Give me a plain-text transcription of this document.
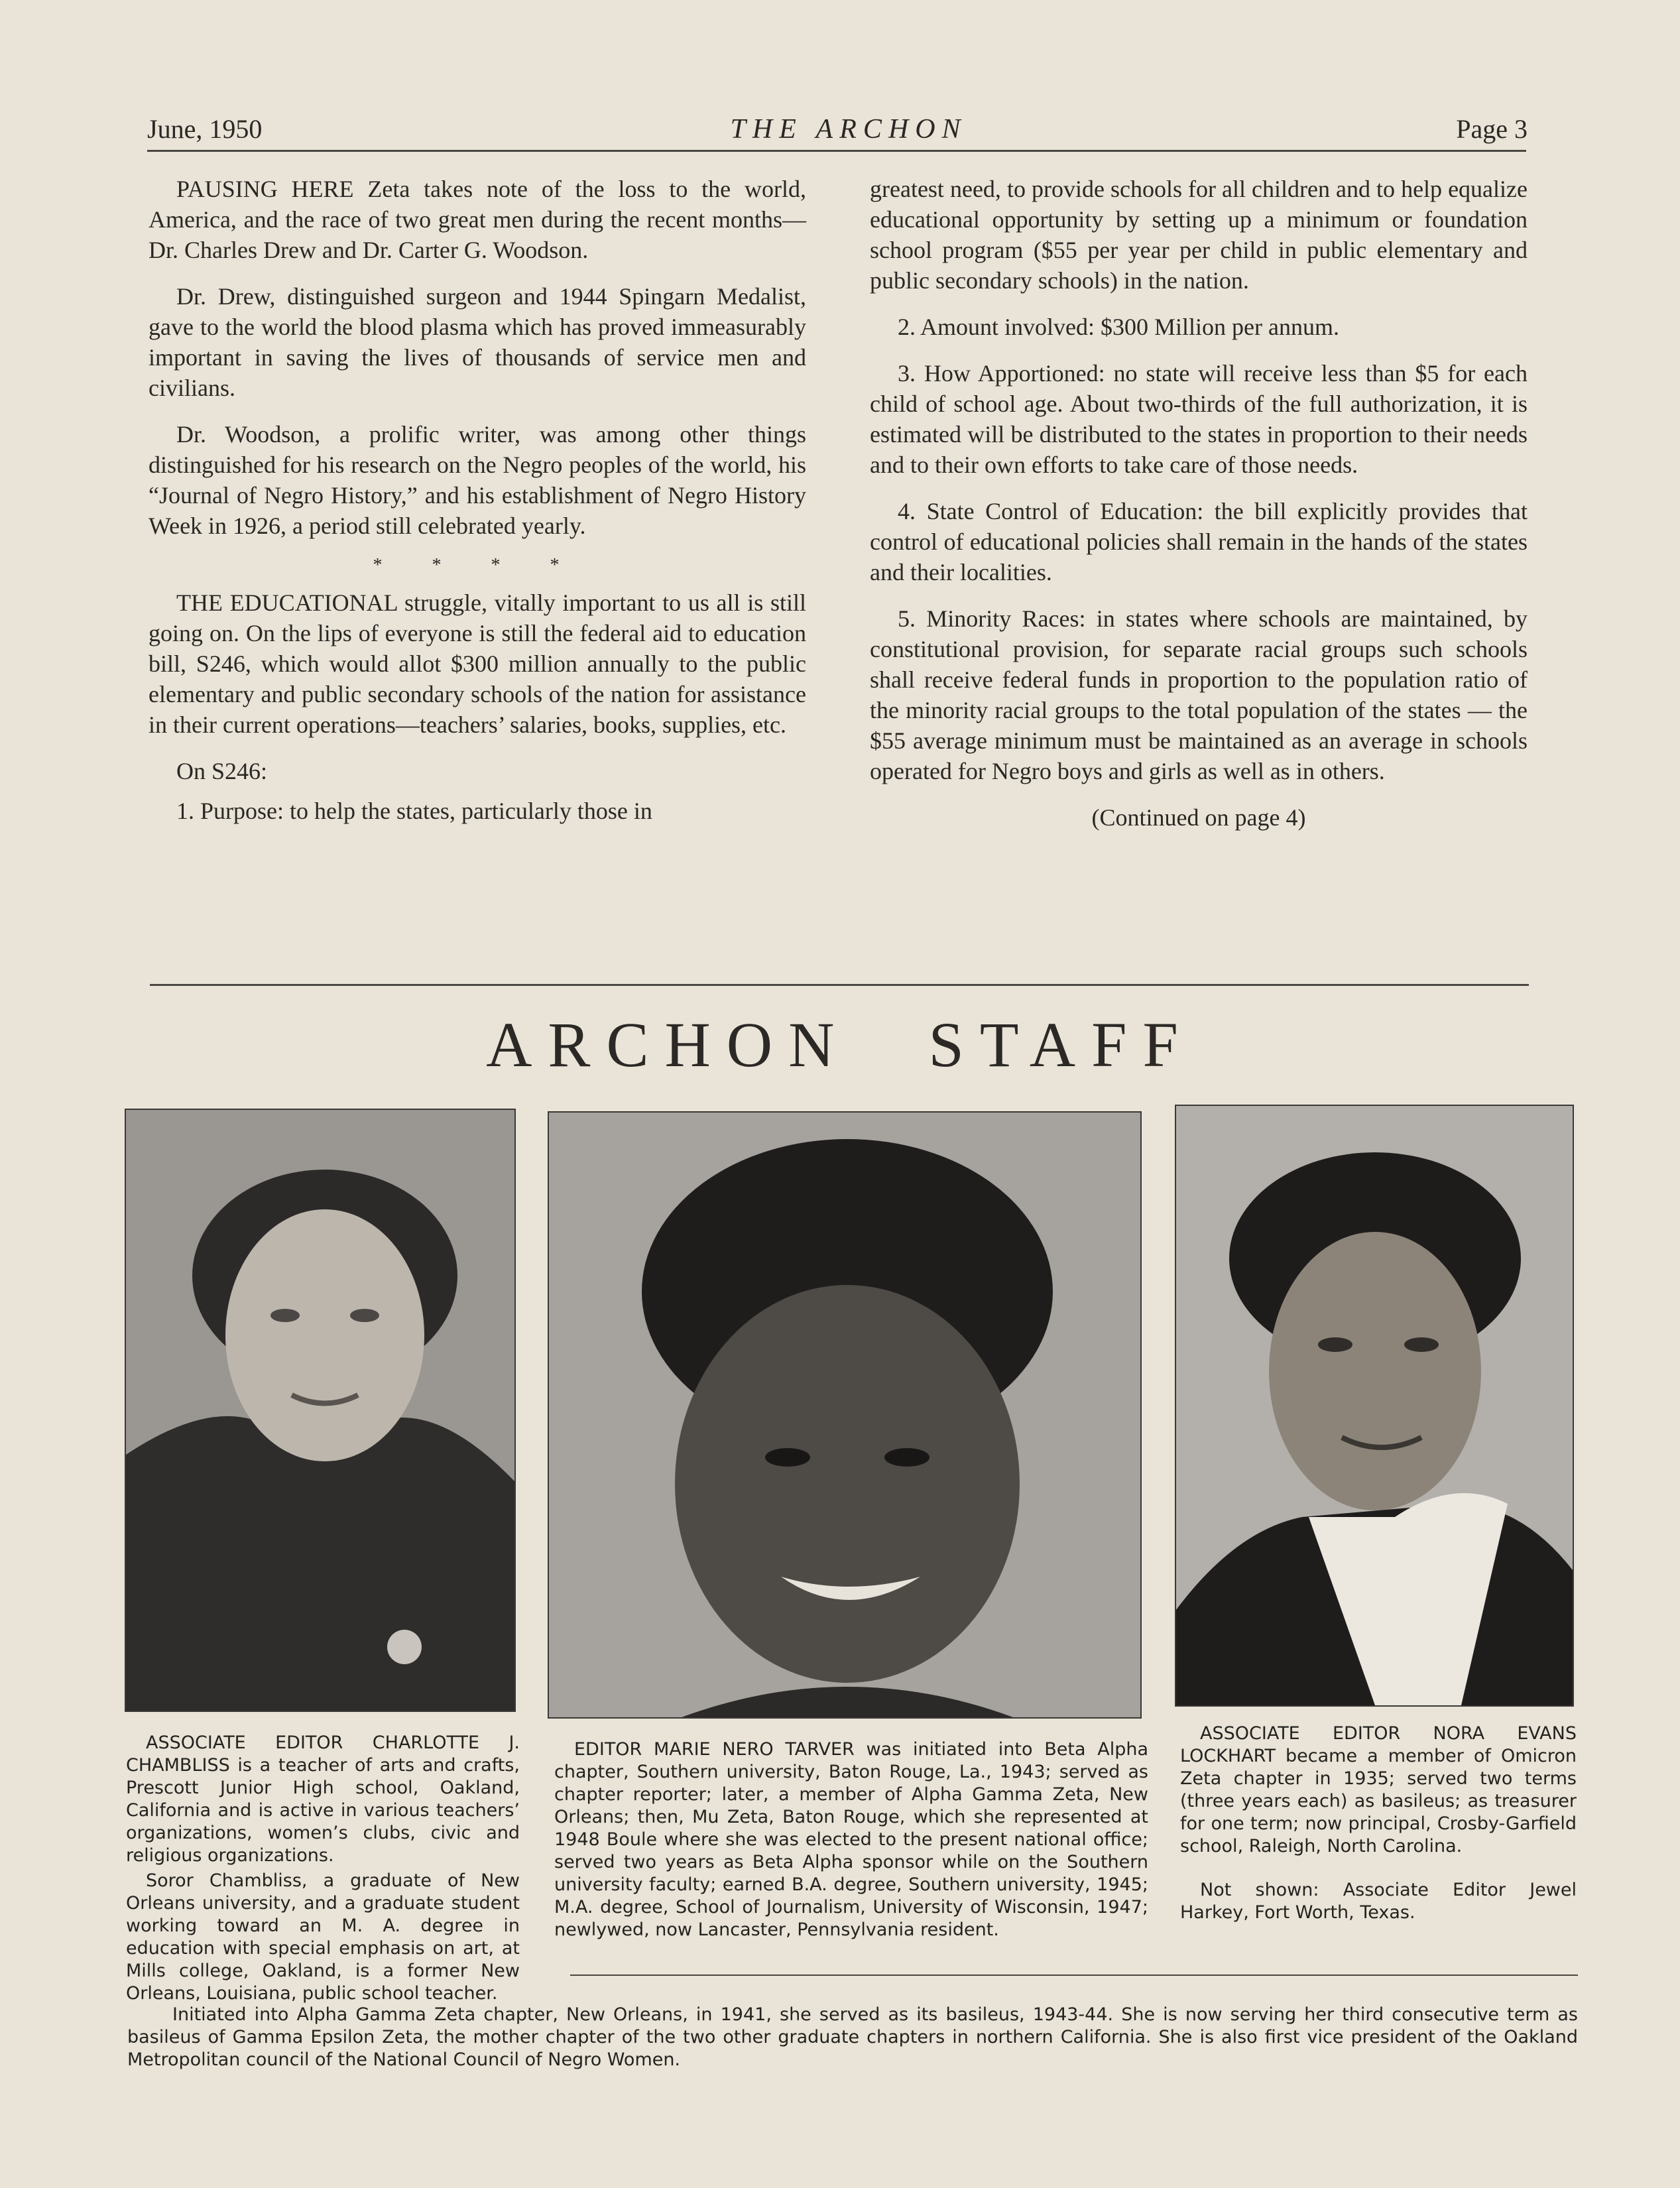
June, 1950	THE ARCHON	Page 3

PAUSING HERE Zeta takes note of the loss to the world, America, and the race of two great men during the recent months—Dr. Charles Drew and Dr. Carter G. Woodson.

Dr. Drew, distinguished surgeon and 1944 Spingarn Medalist, gave to the world the blood plasma which has proved immeasurably important in saving the lives of thousands of service men and civilians.

Dr. Woodson, a prolific writer, was among other things distinguished for his research on the Negro peoples of the world, his “Journal of Negro History,” and his establishment of Negro History Week in 1926, a period still celebrated yearly.

* * * *

THE EDUCATIONAL struggle, vitally important to us all is still going on. On the lips of everyone is still the federal aid to education bill, S246, which would allot $300 million annually to the public elementary and public secondary schools of the nation for assistance in their current operations—teachers’ salaries, books, supplies, etc.

On S246:

1. Purpose: to help the states, particularly those in

greatest need, to provide schools for all children and to help equalize educational opportunity by setting up a minimum or foundation school program ($55 per year per child in public elementary and public secondary schools) in the nation.

2. Amount involved: $300 Million per annum.

3. How Apportioned: no state will receive less than $5 for each child of school age. About two-thirds of the full authorization, it is estimated will be distributed to the states in proportion to their needs and to their own efforts to take care of those needs.

4. State Control of Education: the bill explicitly provides that control of educational policies shall remain in the hands of the states and their localities.

5. Minority Races: in states where schools are maintained, by constitutional provision, for separate racial groups such schools shall receive federal funds in proportion to the population ratio of the minority racial groups to the total population of the states — the $55 average minimum must be maintained as an average in schools operated for Negro boys and girls as well as in others.

(Continued on page 4)

ARCHON STAFF

ASSOCIATE EDITOR CHARLOTTE J. CHAMBLISS is a teacher of arts and crafts, Prescott Junior High school, Oakland, California and is active in various teachers’ organizations, women’s clubs, civic and religious organizations.

Soror Chambliss, a graduate of New Orleans university, and a graduate student working toward an M. A. degree in education with special emphasis on art, at Mills college, Oakland, is a former New Orleans, Louisiana, public school teacher.

EDITOR MARIE NERO TARVER was initiated into Beta Alpha chapter, Southern university, Baton Rouge, La., 1943; served as chapter reporter; later, a member of Alpha Gamma Zeta, New Orleans; then, Mu Zeta, Baton Rouge, which she represented at 1948 Boule where she was elected to the present national office; served two years as Beta Alpha sponsor while on the Southern university faculty; earned B.A. degree, Southern university, 1945; M.A. degree, School of Journalism, University of Wisconsin, 1947; newlywed, now Lancaster, Pennsylvania resident.

ASSOCIATE EDITOR NORA EVANS LOCKHART became a member of Omicron Zeta chapter in 1935; served two terms (three years each) as basileus; as treasurer for one term; now principal, Crosby-Garfield school, Raleigh, North Carolina.

Not shown: Associate Editor Jewel Harkey, Fort Worth, Texas.

Initiated into Alpha Gamma Zeta chapter, New Orleans, in 1941, she served as its basileus, 1943-44. She is now serving her third consecutive term as basileus of Gamma Epsilon Zeta, the mother chapter of the two other graduate chapters in northern California. She is also first vice president of the Oakland Metropolitan council of the National Council of Negro Women.
